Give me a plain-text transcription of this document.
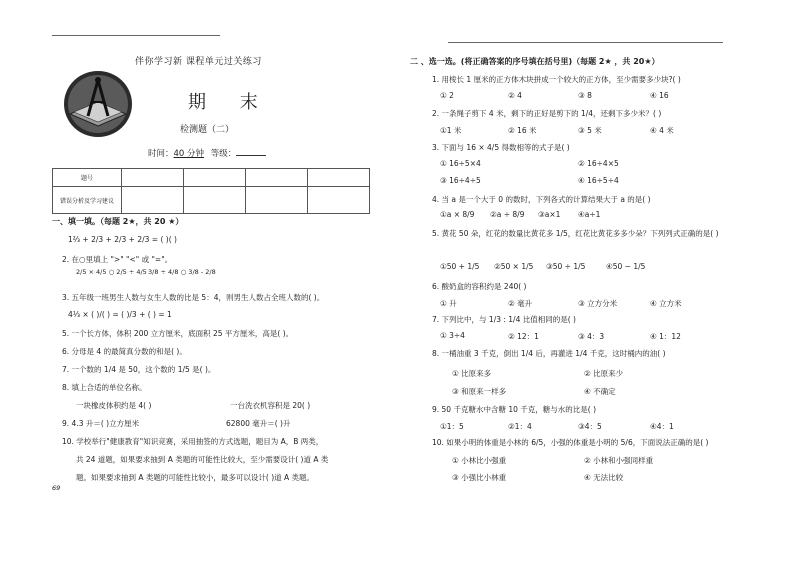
伴你学习新 课程单元过关练习
期 末
检测题（二）
时间：40 分钟 等级：
题号				
错误分析及学习建议				
一、填一填。（每题 2★，共 20 ★）
1⅔ + 2/3 + 2/3 + 2/3 = ( )( )
2. 在○里填上 ">" "<" 或 "="。
2/5 × 4/5 ○ 2/5 ÷ 4/5 3/8 ÷ 4/8 ○ 3/8 - 2/8
3. 五年级一班男生人数与女生人数的比是 5：4，则男生人数占全班人数的( )。
4⅓ × ( )/( ) = ( )/3 + ( ) = 1
5. 一个长方体，体积 200 立方厘米，底面积 25 平方厘米，高是( )。
6. 分母是 4 的最简真分数的和是( )。
7. 一个数的 1/4 是 50，这个数的 1/5 是( )。
8. 填上合适的单位名称。
一块橡皮体积约是 4( )	一台洗衣机容积是 20( )
9. 4.3 升＝( )立方厘米	62800 毫升＝( )升
10. 学校举行"健康教育"知识竞赛，采用抽签的方式选题，题目为 A，B 两类，
共 24 道题，如果要求抽到 A 类题的可能性比较大，至少需要设计( )道 A 类
题。如果要求抽到 A 类题的可能性比较小，最多可以设计( )道 A 类题。
69
二 、选一选。(将正确答案的序号填在括号里)（每题 2★ ，共 20★）
1. 用棱长 1 厘米的正方体木块拼成一个较大的正方体，至少需要多少块?( )
① 2	② 4	③ 8	④ 16
2. 一条绳子剪下 4 米，剩下的正好是剪下的 1/4，还剩下多少米？( )
①1 米	② 16 米	③ 5 米	④ 4 米
3. 下面与 16 × 4/5 得数相等的式子是( )
① 16÷5×4	② 16÷4×5
③ 16÷4÷5	④ 16÷5÷4
4. 当 a 是一个大于 0 的数时，下列各式的计算结果大于 a 的是( )
①a × 8/9 ②a ÷ 8/9 ③a×1 ④a÷1
5. 黄花 50 朵，红花的数量比黄花多 1/5，红花比黄花多多少朵？下列列式正确的是( )
①50 + 1/5 ②50 × 1/5 ③50 ÷ 1/5	④50 − 1/5
6. 酸奶盒的容积约是 240( )
① 升	② 毫升	③ 立方分米	④ 立方米
7. 下列比中，与 1/3 : 1/4 比值相同的是( )
① 3÷4	② 12：1	③ 4：3	④ 1：12
8. 一桶油重 3 千克，倒出 1/4 后，再灌进 1/4 千克，这时桶内的油( )
① 比原来多	② 比原来少
③ 和原来一样多	④ 不确定
9. 50 千克糖水中含糖 10 千克，糖与水的比是( )
①1：5	②1：4	③4：5	④4：1
10. 如果小明的体重是小林的 6/5，小强的体重是小明的 5/6，下面说法正确的是( )
① 小林比小强重	② 小林和小强同样重
③ 小强比小林重	④ 无法比较
